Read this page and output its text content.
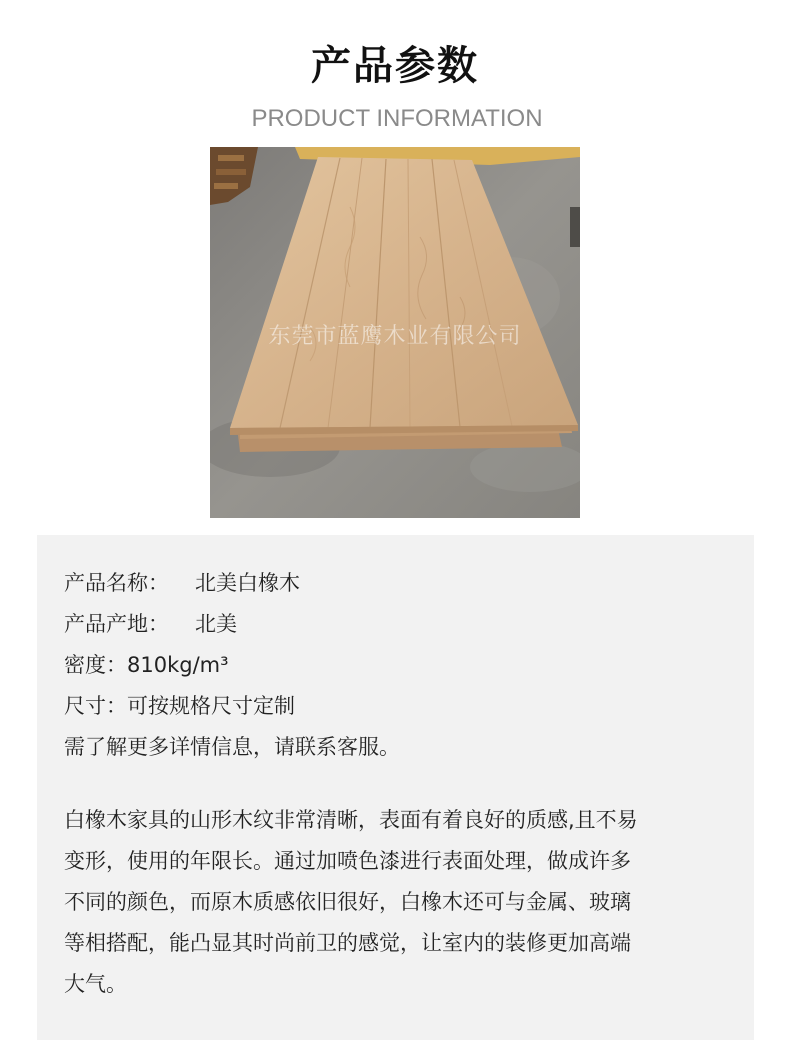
产品参数
PRODUCT INFORMATION
东莞市蓝鹰木业有限公司
产品名称： 北美白橡木
产品产地： 北美
密度：810kg/m³
尺寸：可按规格尺寸定制
需了解更多详情信息，请联系客服。
白橡木家具的山形木纹非常清晰，表面有着良好的质感,且不易
变形，使用的年限长。通过加喷色漆进行表面处理，做成许多
不同的颜色，而原木质感依旧很好，白橡木还可与金属、玻璃
等相搭配，能凸显其时尚前卫的感觉，让室内的装修更加高端
大气。
